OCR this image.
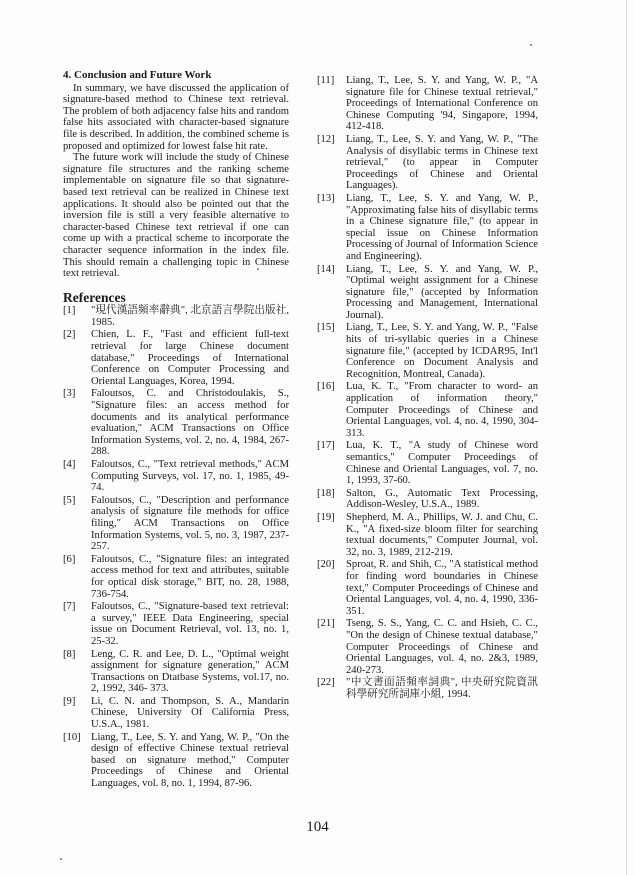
4. Conclusion and Future Work

In summary, we have discussed the application of signature-based method to Chinese text retrieval. The problem of both adjacency false hits and random false hits associated with character-based signature file is described. In addition, the combined scheme is proposed and optimized for lowest false hit rate.

The future work will include the study of Chinese signature file structures and the ranking scheme implementable on signature file so that signature-based text retrieval can be realized in Chinese text applications. It should also be pointed out that the inversion file is still a very feasible alternative to character-based Chinese text retrieval if one can come up with a practical scheme to incorporate the character sequence information in the index file. This should remain a challenging topic in Chinese text retrieval.

References
[1]	"現代漢語頻率辭典", 北京語言學院出版社, 1985.
[2]	Chien, L. F., "Fast and efficient full-text retrieval for large Chinese document database," Proceedings of International Conference on Computer Processing and Oriental Languages, Korea, 1994.
[3]	Faloutsos, C. and Christodoulakis, S., "Signature files: an access method for documents and its analytical performance evaluation," ACM Transactions on Office Information Systems, vol. 2, no. 4, 1984, 267-288.
[4]	Faloutsos, C., "Text retrieval methods," ACM Computing Surveys, vol. 17, no. 1, 1985, 49-74.
[5]	Faloutsos, C., "Description and performance analysis of signature file methods for office filing," ACM Transactions on Office Information Systems, vol. 5, no. 3, 1987, 237-257.
[6]	Faloutsos, C., "Signature files: an integrated access method for text and attributes, suitable for optical disk storage," BIT, no. 28, 1988, 736-754.
[7]	Faloutsos, C., "Signature-based text retrieval: a survey," IEEE Data Engineering, special issue on Document Retrieval, vol. 13, no. 1, 25-32.
[8]	Leng, C. R. and Lee, D. L., "Optimal weight assignment for signature generation," ACM Transactions on Dtatbase Systems, vol.17, no. 2, 1992, 346- 373.
[9]	Li, C. N. and Thompson, S. A., Mandarin Chinese, University Of California Press, U.S.A., 1981.
[10] Liang, T., Lee, S. Y. and Yang, W. P., "On the design of effective Chinese textual retrieval based on signature method," Computer Proceedings of Chinese and Oriental Languages, vol. 8, no. 1, 1994, 87-96.
[11]	Liang, T., Lee, S. Y. and Yang, W. P., "A signature file for Chinese textual retrieval," Proceedings of International Conference on Chinese Computing '94, Singapore, 1994, 412-418.
[12]	Liang, T., Lee, S. Y. and Yang, W. P., "The Analysis of disyllabic terms in Chinese text retrieval," (to appear in Computer Proceedings of Chinese and Oriental Languages).
[13]	Liang, T., Lee, S. Y. and Yang, W. P., "Approximating false hits of disyllabic terms in a Chinese signature file," (to appear in special issue on Chinese Information Processing of Journal of Information Science and Engineering).
[14]	Liang, T., Lee, S. Y. and Yang, W. P., "Optimal weight assignment for a Chinese signature file," (accepted by Information Processing and Management, International Journal).
[15]	Liang, T., Lee, S. Y. and Yang, W. P., "False hits of tri-syllabic queries in a Chinese signature file," (accepted by ICDAR95, Int'l Conference on Document Analysis and Recognition, Montreal, Canada).
[16]	Lua, K. T., "From character to word- an application of information theory," Computer Proceedings of Chinese and Oriental Languages, vol. 4, no. 4, 1990, 304-313.
[17]	Lua, K. T., "A study of Chinese word semantics," Computer Proceedings of Chinese and Oriental Languages, vol. 7, no. 1, 1993, 37-60.
[18]	Salton, G., Automatic Text Processing, Addison-Wesley, U.S.A., 1989.
[19]	Shepherd, M. A., Phillips, W. J. and Chu, C. K., "A fixed-size bloom filter for searching textual documents," Computer Journal, vol. 32, no. 3, 1989, 212-219.
[20]	Sproat, R. and Shih, C., "A statistical method for finding word boundaries in Chinese text," Computer Proceedings of Chinese and Oriental Languages, vol. 4, no. 4, 1990, 336-351.
[21]	Tseng, S. S., Yang, C. C. and Hsieh, C. C., "On the design of Chinese textual database," Computer Proceedings of Chinese and Oriental Languages, vol. 4, no. 2&3, 1989, 240-273.
[22]	"中文書面語頻率詞典", 中央研究院資訊科學研究所詞庫小組, 1994.
104
